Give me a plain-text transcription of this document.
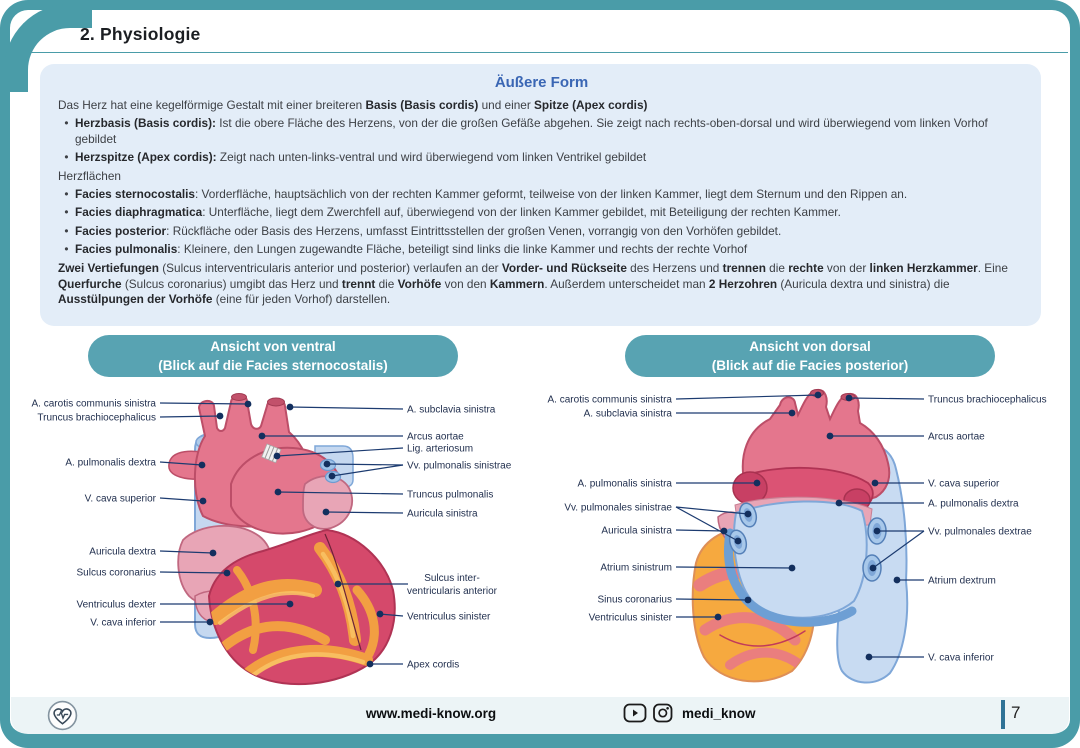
2. Physiologie
Äußere Form

Das Herz hat eine kegelförmige Gestalt mit einer breiteren Basis (Basis cordis) und einer Spitze (Apex cordis)

• Herzbasis (Basis cordis): Ist die obere Fläche des Herzens, von der die großen Gefäße abgehen. Sie zeigt nach rechts-oben-dorsal und wird überwiegend vom linken Vorhof gebildet
• Herzspitze (Apex cordis): Zeigt nach unten-links-ventral und wird überwiegend vom linken Ventrikel gebildet

Herzflächen

• Facies sternocostalis: Vorderfläche, hauptsächlich von der rechten Kammer geformt, teilweise von der linken Kammer, liegt dem Sternum und den Rippen an.
• Facies diaphragmatica: Unterfläche, liegt dem Zwerchfell auf, überwiegend von der linken Kammer gebildet, mit Beteiligung der rechten Kammer.
• Facies posterior: Rückfläche oder Basis des Herzens, umfasst Eintrittsstellen der großen Venen, vorrangig von den Vorhöfen gebildet.
• Facies pulmonalis: Kleinere, den Lungen zugewandte Fläche, beteiligt sind links die linke Kammer und rechts der rechte Vorhof

Zwei Vertiefungen (Sulcus interventricularis anterior und posterior) verlaufen an der Vorder- und Rückseite des Herzens und trennen die rechte von der linken Herzkammer. Eine Querfurche (Sulcus coronarius) umgibt das Herz und trennt die Vorhöfe von den Kammern. Außerdem unterscheidet man 2 Herzohren (Auricula dextra und sinistra) die Ausstülpungen der Vorhöfe (eine für jeden Vorhof) darstellen.

Ansicht von ventral
(Blick auf die Facies sternocostalis)
Ansicht von dorsal
(Blick auf die Facies posterior)
A. carotis communis sinistra
Truncus brachiocephalicus
A. pulmonalis dextra
V. cava superior
Auricula dextra
Sulcus coronarius
Ventriculus dexter
V. cava inferior
A. subclavia sinistra
Arcus aortae
Lig. arteriosum
Vv. pulmonalis sinistrae
Truncus pulmonalis
Auricula sinistra
Sulcus inter-ventricularis anterior
Ventriculus sinister
Apex cordis
A. carotis communis sinistra
A. subclavia sinistra
A. pulmonalis sinistra
Vv. pulmonales sinistrae
Auricula sinistra
Atrium sinistrum
Sinus coronarius
Ventriculus sinister
Truncus brachiocephalicus
Arcus aortae
V. cava superior
A. pulmonalis dextra
Vv. pulmonales dextrae
Atrium dextrum
V. cava inferior
www.medi-know.org	medi_know	7
